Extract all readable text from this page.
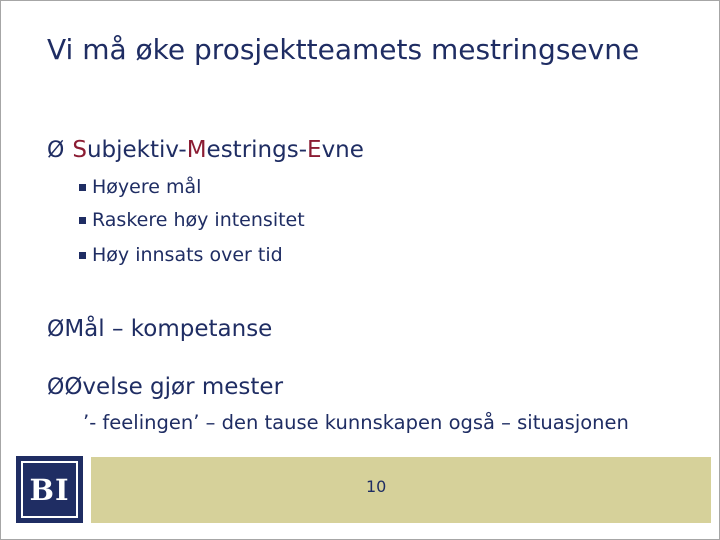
Vi må øke prosjektteamets mestringsevne
Ø Subjektiv-Mestrings-Evne
Høyere mål
Raskere høy intensitet
Høy innsats over tid
Ø Mål – kompetanse
Ø Øvelse gjør mester
’- feelingen’ – den tause kunnskapen også – situasjonen
BI	10
